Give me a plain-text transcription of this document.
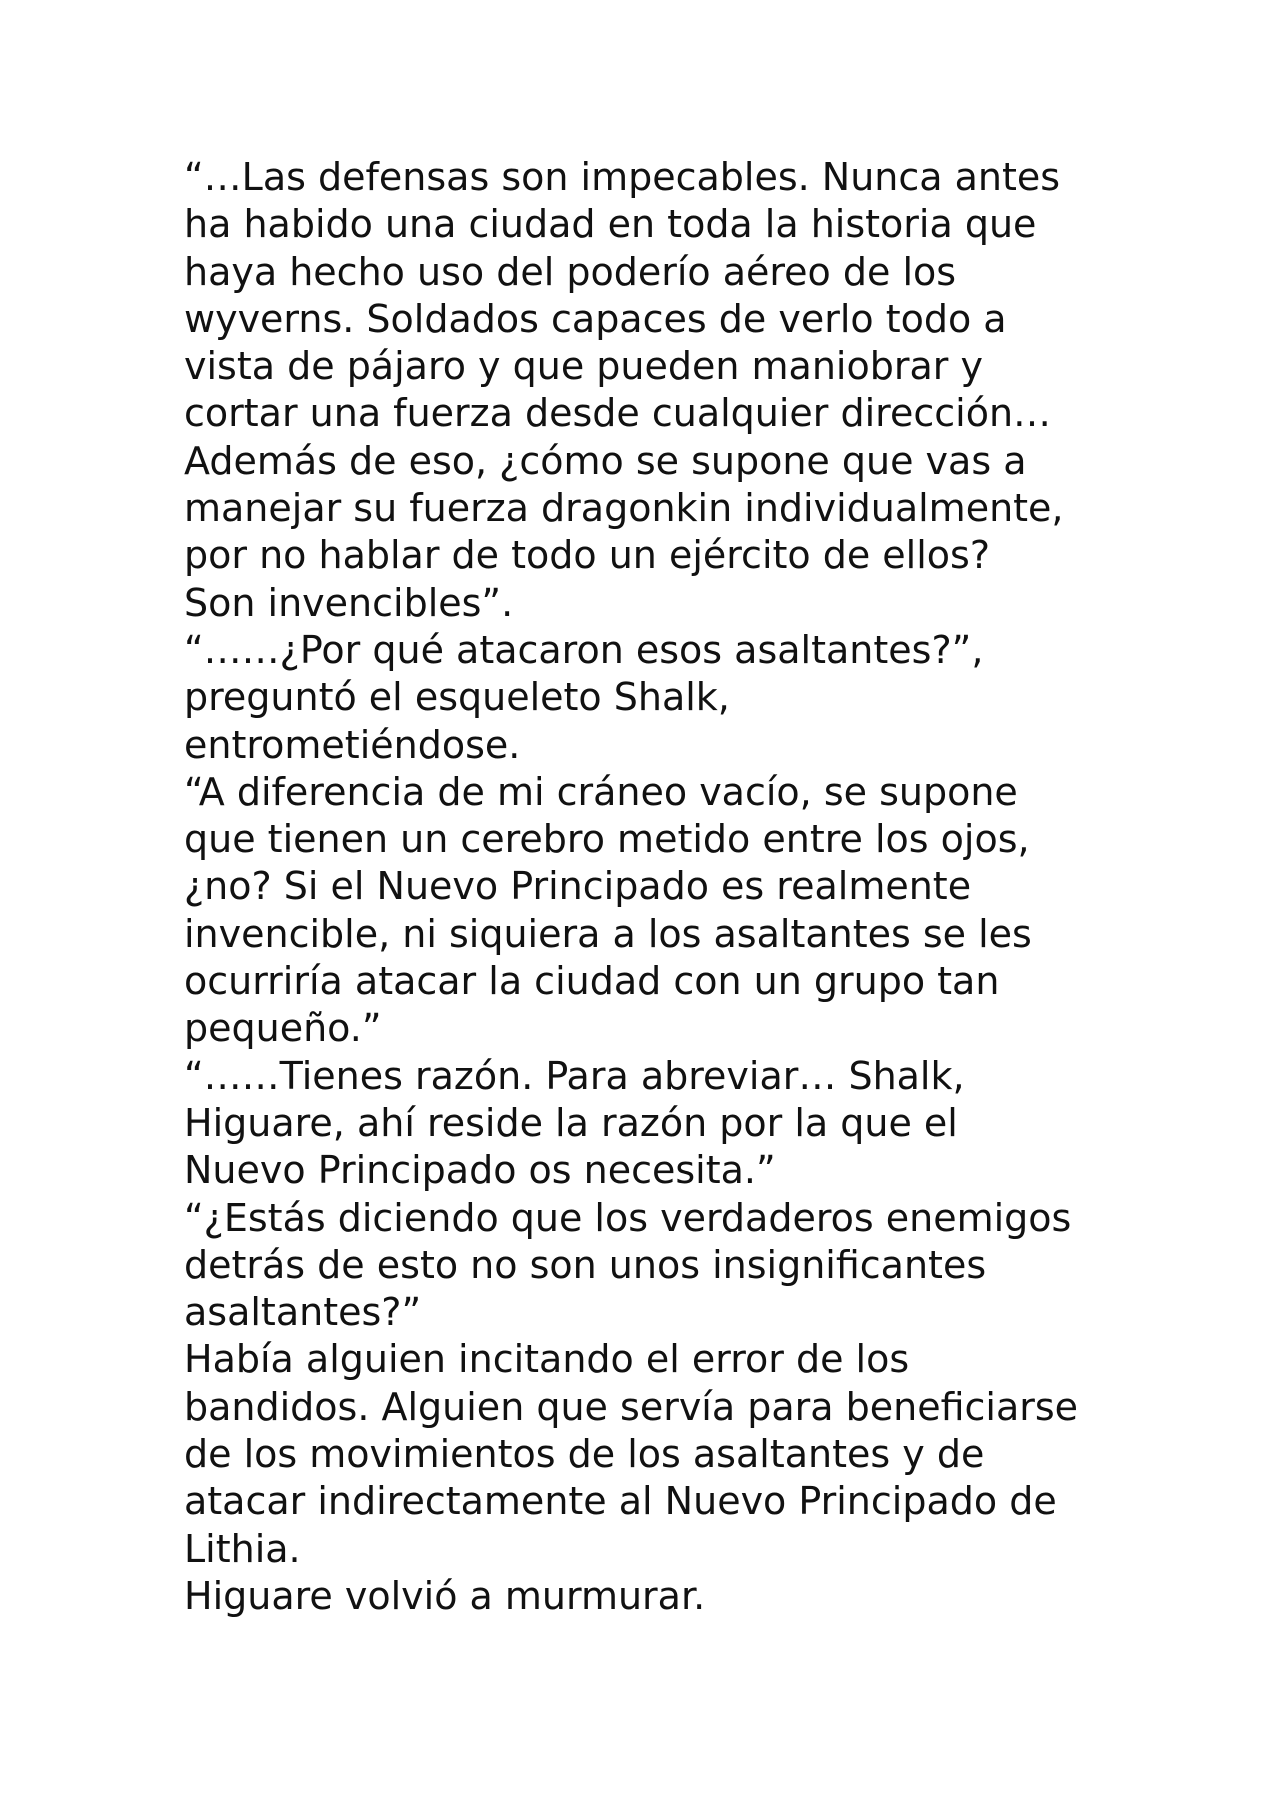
“…Las defensas son impecables. Nunca antes
ha habido una ciudad en toda la historia que
haya hecho uso del poderío aéreo de los
wyverns. Soldados capaces de verlo todo a
vista de pájaro y que pueden maniobrar y
cortar una fuerza desde cualquier dirección…
Además de eso, ¿cómo se supone que vas a
manejar su fuerza dragonkin individualmente,
por no hablar de todo un ejército de ellos?
Son invencibles”.
“……¿Por qué atacaron esos asaltantes?”,
preguntó el esqueleto Shalk,
entrometiéndose.
“A diferencia de mi cráneo vacío, se supone
que tienen un cerebro metido entre los ojos,
¿no? Si el Nuevo Principado es realmente
invencible, ni siquiera a los asaltantes se les
ocurriría atacar la ciudad con un grupo tan
pequeño.”
“……Tienes razón. Para abreviar… Shalk,
Higuare, ahí reside la razón por la que el
Nuevo Principado os necesita.”
“¿Estás diciendo que los verdaderos enemigos
detrás de esto no son unos insignificantes
asaltantes?”
Había alguien incitando el error de los
bandidos. Alguien que servía para beneficiarse
de los movimientos de los asaltantes y de
atacar indirectamente al Nuevo Principado de
Lithia.
Higuare volvió a murmurar.
